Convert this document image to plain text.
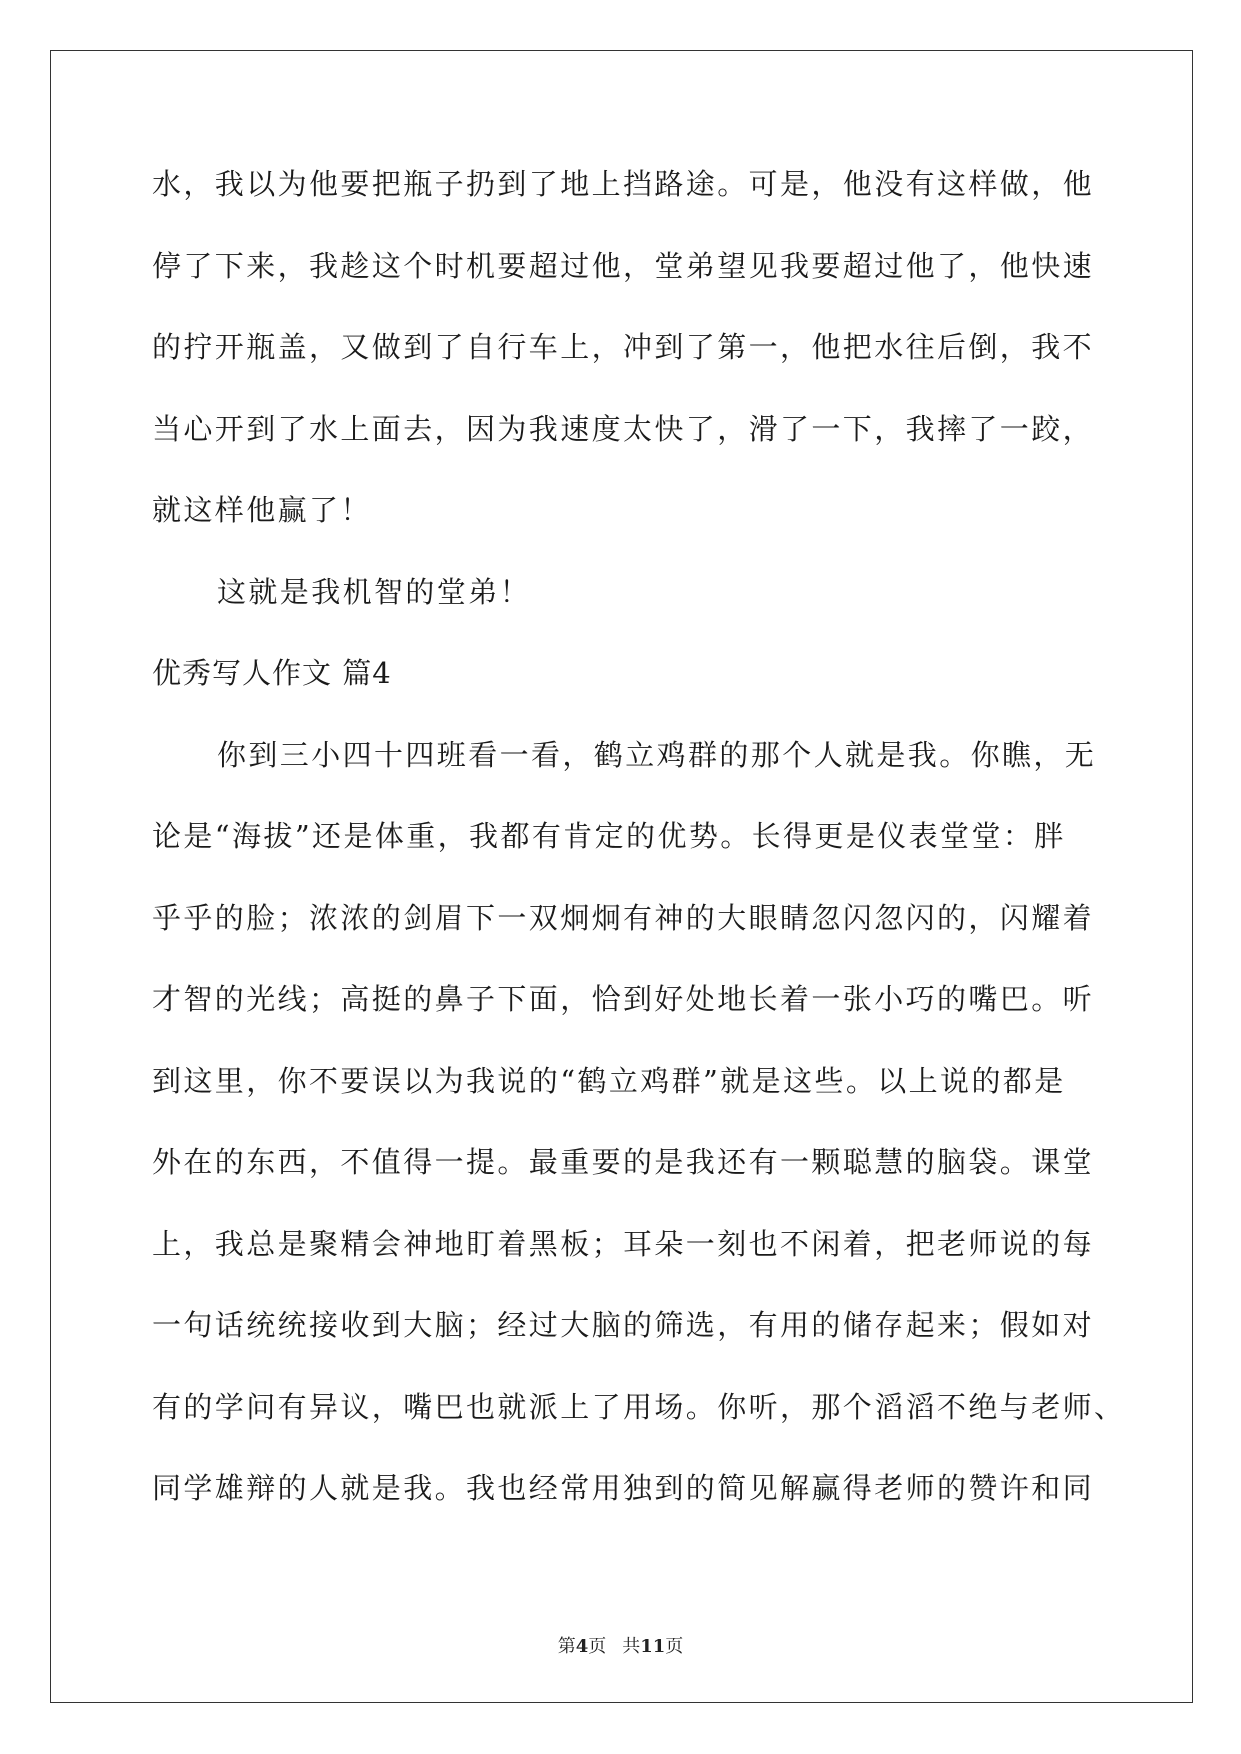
水，我以为他要把瓶子扔到了地上挡路途。可是，他没有这样做，他
停了下来，我趁这个时机要超过他，堂弟望见我要超过他了，他快速
的拧开瓶盖，又做到了自行车上，冲到了第一，他把水往后倒，我不
当心开到了水上面去，因为我速度太快了，滑了一下，我摔了一跤，
就这样他赢了！
这就是我机智的堂弟！
优秀写人作文 篇4
你到三小四十四班看一看，鹤立鸡群的那个人就是我。你瞧，无
论是“海拔”还是体重，我都有肯定的优势。长得更是仪表堂堂：胖
乎乎的脸；浓浓的剑眉下一双炯炯有神的大眼睛忽闪忽闪的，闪耀着
才智的光线；高挺的鼻子下面，恰到好处地长着一张小巧的嘴巴。听
到这里，你不要误以为我说的“鹤立鸡群”就是这些。以上说的都是
外在的东西，不值得一提。最重要的是我还有一颗聪慧的脑袋。课堂
上，我总是聚精会神地盯着黑板；耳朵一刻也不闲着，把老师说的每
一句话统统接收到大脑；经过大脑的筛选，有用的储存起来；假如对
有的学问有异议，嘴巴也就派上了用场。你听，那个滔滔不绝与老师、
同学雄辩的人就是我。我也经常用独到的简见解赢得老师的赞许和同
第4页 共11页
